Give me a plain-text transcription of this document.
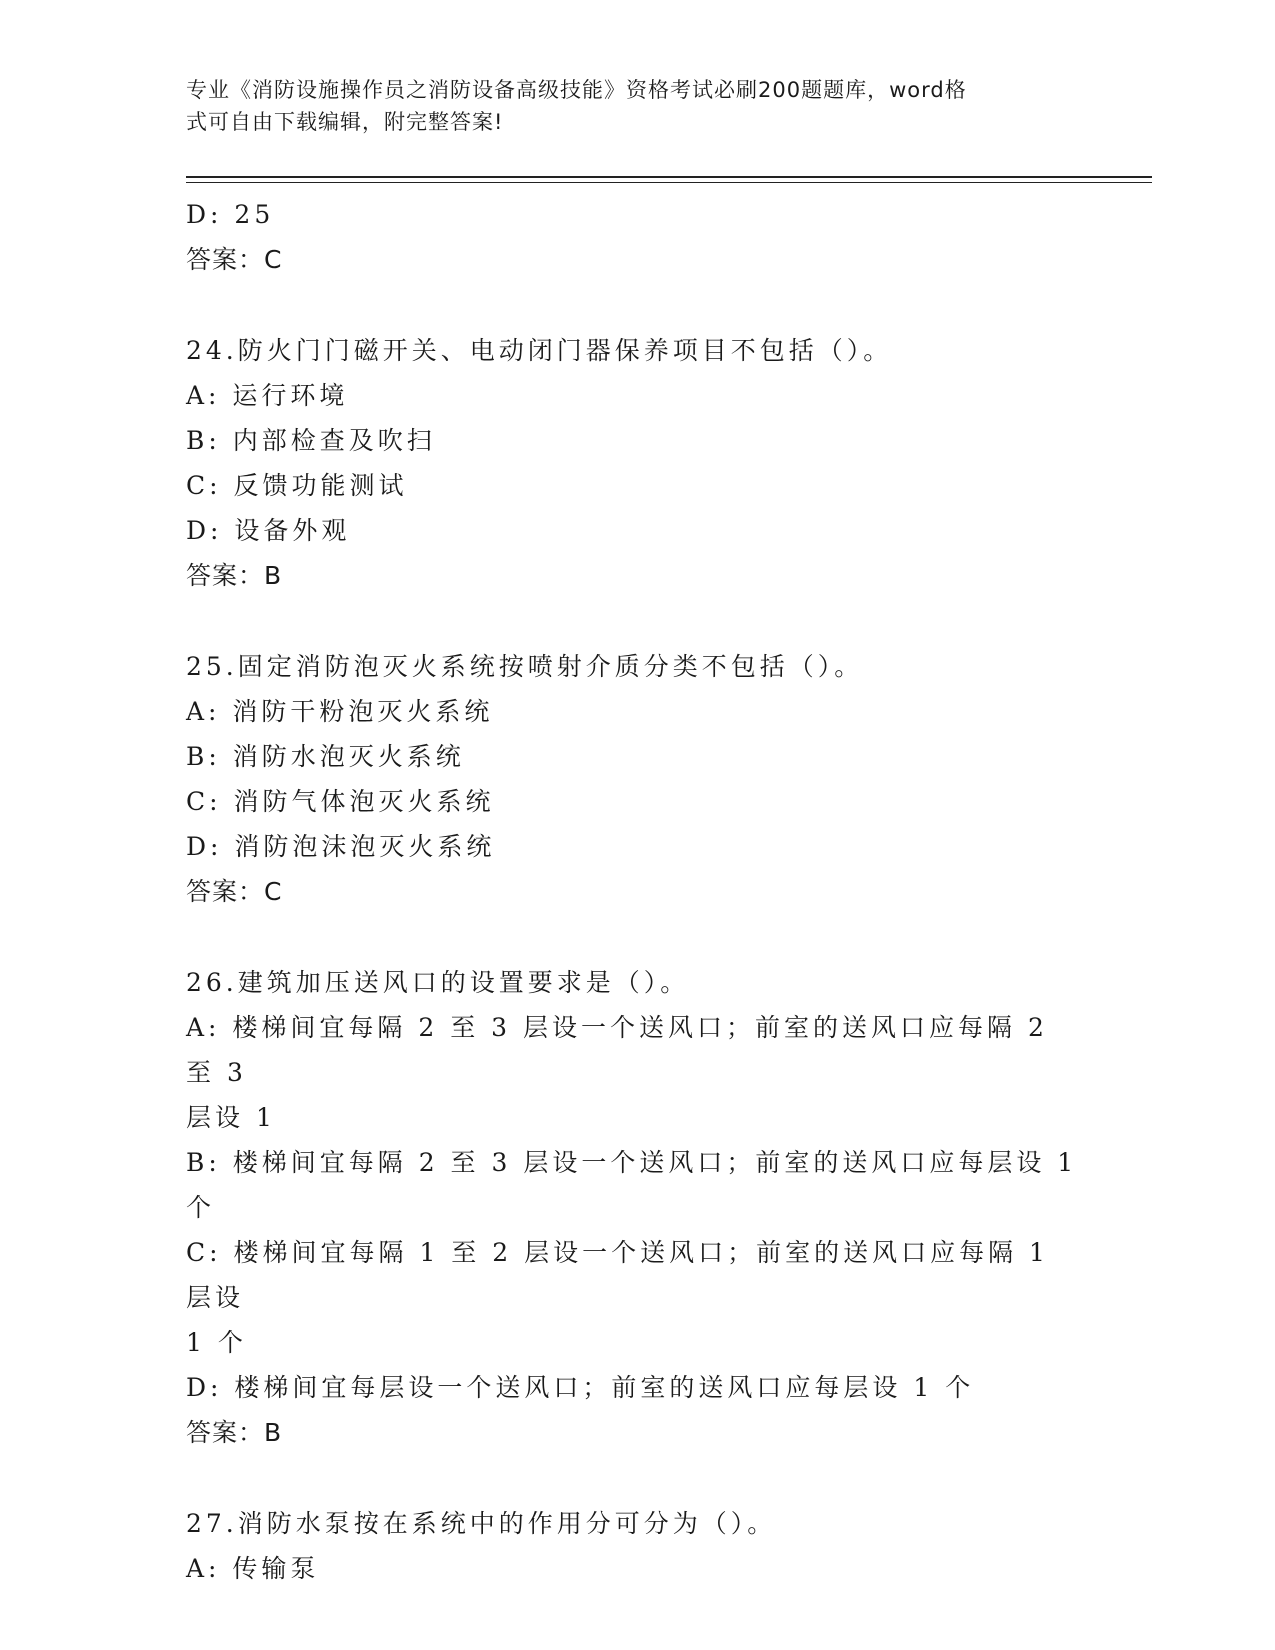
专业《消防设施操作员之消防设备高级技能》资格考试必刷200题题库，word格
式可自由下载编辑，附完整答案!
D: 25
答案：C
24.防火门门磁开关、电动闭门器保养项目不包括（）。
A: 运行环境
B: 内部检查及吹扫
C: 反馈功能测试
D: 设备外观
答案：B
25.固定消防泡灭火系统按喷射介质分类不包括（）。
A: 消防干粉泡灭火系统
B: 消防水泡灭火系统
C: 消防气体泡灭火系统
D: 消防泡沫泡灭火系统
答案：C
26.建筑加压送风口的设置要求是（）。
A: 楼梯间宜每隔 2 至 3 层设一个送风口；前室的送风口应每隔 2 至 3
层设 1
B: 楼梯间宜每隔 2 至 3 层设一个送风口；前室的送风口应每层设 1 个
C: 楼梯间宜每隔 1 至 2 层设一个送风口；前室的送风口应每隔 1 层设
1 个
D: 楼梯间宜每层设一个送风口；前室的送风口应每层设 1 个
答案：B
27.消防水泵按在系统中的作用分可分为（）。
A: 传输泵
